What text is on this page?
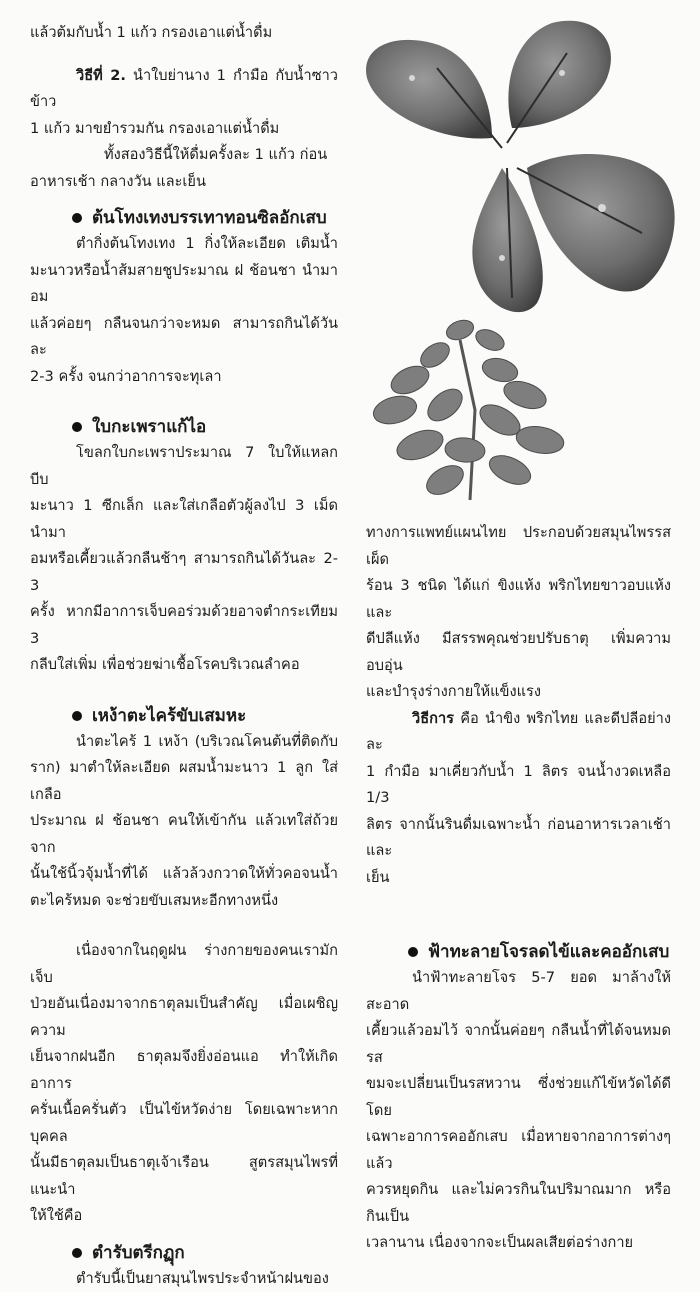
แล้วต้มกับน้ำ 1 แก้ว กรองเอาแต่น้ำดื่ม

วิธีที่ 2. นำใบย่านาง 1 กำมือ กับน้ำซาวข้าว

1 แก้ว มาขยำรวมกัน กรองเอาแต่น้ำดื่ม

ทั้งสองวิธีนี้ให้ดื่มครั้งละ 1 แก้ว ก่อน

อาหารเช้า กลางวัน และเย็น

ต้นโทงเทงบรรเทาทอนซิลอักเสบ

ตำกิ่งต้นโทงเทง 1 กิ่งให้ละเอียด เติมน้ำ

มะนาวหรือน้ำส้มสายชูประมาณ ฝ ช้อนชา นำมาอม

แล้วค่อยๆ กลืนจนกว่าจะหมด สามารถกินได้วันละ

2-3 ครั้ง จนกว่าอาการจะทุเลา

ใบกะเพราแก้ไอ

โขลกใบกะเพราประมาณ 7 ใบให้แหลก บีบ

มะนาว 1 ซีกเล็ก และใส่เกลือตัวผู้ลงไป 3 เม็ด นำมา

อมหรือเคี้ยวแล้วกลืนช้าๆ สามารถกินได้วันละ 2-3

ครั้ง หากมีอาการเจ็บคอร่วมด้วยอาจตำกระเทียม 3

กลีบใส่เพิ่ม เพื่อช่วยฆ่าเชื้อโรคบริเวณลำคอ

เหง้าตะไคร้ขับเสมหะ

นำตะไคร้ 1 เหง้า (บริเวณโคนต้นที่ติดกับ

ราก) มาตำให้ละเอียด ผสมน้ำมะนาว 1 ลูก ใส่เกลือ

ประมาณ ฝ ช้อนชา คนให้เข้ากัน แล้วเทใส่ถ้วย จาก

นั้นใช้นิ้วจุ้มน้ำที่ได้ แล้วล้วงกวาดให้ทั่วคอจนน้ำ

ตะไคร้หมด จะช่วยขับเสมหะอีกทางหนึ่ง

เนื่องจากในฤดูฝน ร่างกายของคนเรามักเจ็บ

ป่วยอันเนื่องมาจากธาตุลมเป็นสำคัญ เมื่อเผชิญความ

เย็นจากฝนอีก ธาตุลมจึงยิ่งอ่อนแอ ทำให้เกิดอาการ

ครั่นเนื้อครั่นตัว เป็นไข้หวัดง่าย โดยเฉพาะหากบุคคล

นั้นมีธาตุลมเป็นธาตุเจ้าเรือน สูตรสมุนไพรที่แนะนำ

ให้ใช้คือ

ตำรับตรีกฏุก

ตำรับนี้เป็นยาสมุนไพรประจำหน้าฝนของ

ทางการแพทย์แผนไทย ประกอบด้วยสมุนไพรรสเผ็ด

ร้อน 3 ชนิด ได้แก่ ขิงแห้ง พริกไทยขาวอบแห้ง และ

ดีปลีแห้ง มีสรรพคุณช่วยปรับธาตุ เพิ่มความอบอุ่น

และบำรุงร่างกายให้แข็งแรง

วิธีการ คือ นำขิง พริกไทย และดีปลีอย่างละ

1 กำมือ มาเคี่ยวกับน้ำ 1 ลิตร จนน้ำงวดเหลือ 1/3

ลิตร จากนั้นรินดื่มเฉพาะน้ำ ก่อนอาหารเวลาเช้าและ

เย็น

ฟ้าทะลายโจรลดไข้และคออักเสบ

นำฟ้าทะลายโจร 5-7 ยอด มาล้างให้สะอาด

เคี้ยวแล้วอมไว้ จากนั้นค่อยๆ กลืนน้ำที่ได้จนหมด รส

ขมจะเปลี่ยนเป็นรสหวาน ซึ่งช่วยแก้ไข้หวัดได้ดี โดย

เฉพาะอาการคออักเสบ เมื่อหายจากอาการต่างๆ แล้ว

ควรหยุดกิน และไม่ควรกินในปริมาณมาก หรือกินเป็น

เวลานาน เนื่องจากจะเป็นผลเสียต่อร่างกาย
